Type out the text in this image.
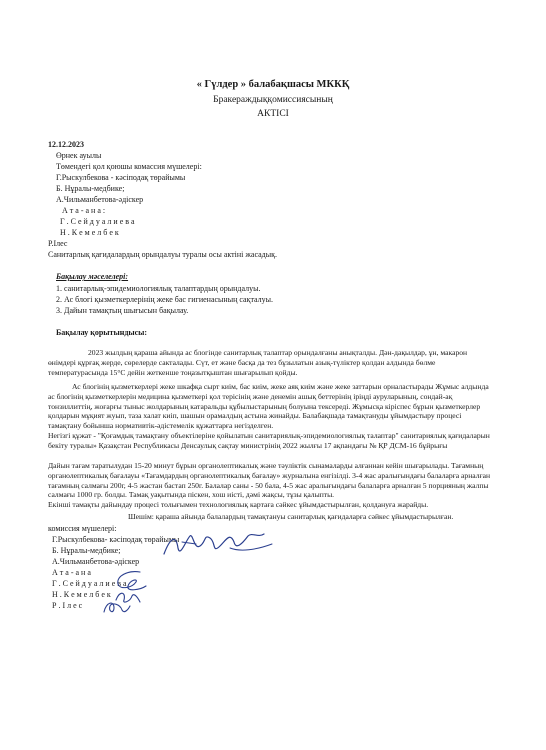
« Гүлдер » балабақшасы МККҚ
Бракераждыққомиссиясының
АКТІСІ
12.12.2023
Өрнек ауылы
Төмендегі қол қоюшы комассия мүшелері:
Г.Рыскулбекова - кәсіподақ төрайымы
Б. Нұралы-медбике;
А.Чильманбетова-әдіскер
А т а - а н а :
Г . С е й д у а л и е в а
Н . К е м е л б е к
Р.Ілес
Санитарлық қағидалардың орындалуы туралы осы актіні жасадық.
Бақылау мәселелері:
1. санитарлық-эпидемиологиялық талаптардың орындалуы.
2. Ас блогі қызметкерлерінің жеке бас гигиенасының сақталуы.
3. Дайын тамақтың шығысын бақылау.
Бақылау қорытындысы:
2023 жылдың қараша айында ас блогінде санитарлық талаптар орындалғаны анықталды. Дән-дақылдар, ұн, макарон өнімдері құрғақ жерде, сөрелерде сакталады. Сүт, ет және басқа да тез бұзылатын азық-түліктер қолдан алдында бөлме температурасында 15°С дейін жеткенше тоңазытқыштан шығарылып қойды.
Ас блогінің қызметкерлері жеке шкафқа сырт киім, бас киім, жеке аяқ киім және жеке заттарын орналастырады Жұмыс алдында ас блогінің қызметкерлерін медицина қызметкері қол терісінің және денемін ашық беттерінің іріңді ауруларының, сондай-ақ тонзиллиттің, жоғарғы тыныс жолдарының катаральды құбылыстарының болуына тексереді. Жұмысқа кіріспес бұрын қызметкерлер қолдарын мұқият жуып, таза халат киіп, шашын орамалдың астына жинайды. Балабақшада тамақтануды ұйымдастыру процесі тамақтану бойынша нормативтік-әдістемелік құжаттарға негізделген.
Негізгі құжат - "Қоғамдық тамақтану объектілеріне қойылатын санитариялық-эпидемиологиялық талаптар" санитариялық қағидаларын бекіту туралы» Қазақстан Республикасы Денсаулық сақтау министрінің 2022 жылғы 17 ақпандағы № ҚР ДСМ-16 бұйрығы
Дайын тағам таратылудан 15-20 минут бұрын органолептикалық және тәуліктік сынамаларды алғаннан кейін шығарылады. Тағамның органолептикалық бағалауы «Тағамдардың органолептикалық бағалау» журналына енгізілді. 3-4 жас аралығындағы балаларға арналған тағамның салмағы 200г, 4-5 жастан бастап 250г. Балалар саны - 50 бала, 4-5 жас аралығындағы балаларға арналған 5 порцияның жалпы салмағы 1000 гр. болды. Тамақ уақытында піскен, хош иісті, дәмі жақсы, тұзы қалыпты.
Екінші тамақты дайындау процесі толығымен технологиялық картаға сәйкес ұйымдастырылған, қолдануға жарайды.
Шешім: қараша айында балалардың тамақтануы санитарлық қағидаларға сәйкес ұйымдастырылған.
комиссия мүшелері:
Г.Рыскулбекова- кәсіподақ төрайымы
Б. Нұралы-медбике;
А.Чильманбетова-әдіскер
А т а - а н а
Г . С е й д у а л и е в а
Н . К е м е л б е к
Р . І л е с
